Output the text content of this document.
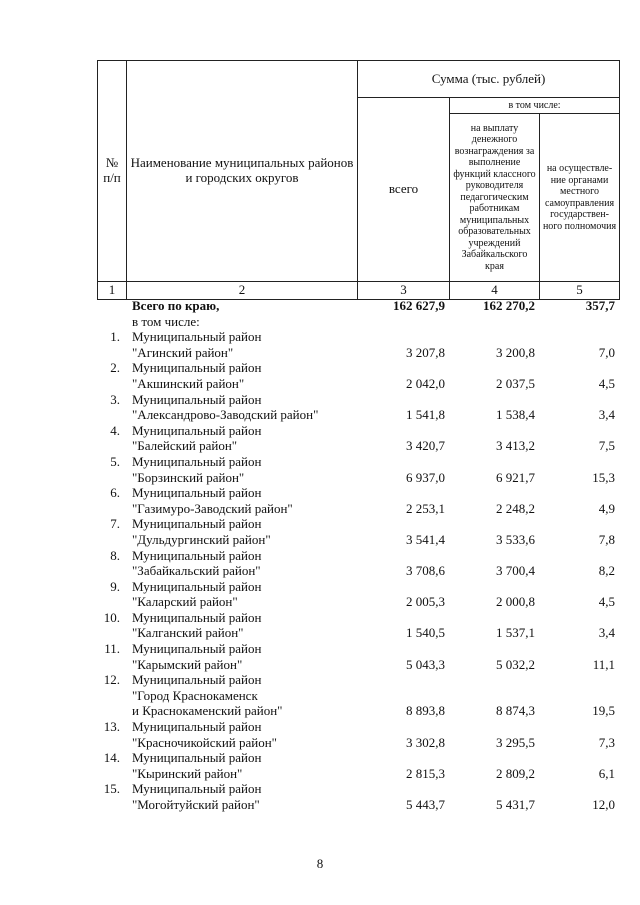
№ п/п	Наименование муниципальных районов и городских округов	Сумма (тыс. рублей)		
		всего	в том числе:	
			на выплату денежного вознаграждения за выполнение функций классного руководителя педагогическим работникам муниципальных образовательных учреждений Забайкальского края	на осуществле-ние органами местного самоуправления государствен-ного полномочия
1	2	3	4	5
Всего по краю,	162 627,9	162 270,2	357,7
в том числе:
1. Муниципальный район
"Агинский район"	3 207,8	3 200,8	7,0
2. Муниципальный район
"Акшинский район"	2 042,0	2 037,5	4,5
3. Муниципальный район
"Александрово-Заводский район"	1 541,8	1 538,4	3,4
4. Муниципальный район
"Балейский район"	3 420,7	3 413,2	7,5
5. Муниципальный район
"Борзинский район"	6 937,0	6 921,7	15,3
6. Муниципальный район
"Газимуро-Заводский район"	2 253,1	2 248,2	4,9
7. Муниципальный район
"Дульдургинский район"	3 541,4	3 533,6	7,8
8. Муниципальный район
"Забайкальский район"	3 708,6	3 700,4	8,2
9. Муниципальный район
"Каларский район"	2 005,3	2 000,8	4,5
10. Муниципальный район
"Калганский район"	1 540,5	1 537,1	3,4
11. Муниципальный район
"Карымский район"	5 043,3	5 032,2	11,1
12. Муниципальный район
"Город Краснокаменск
и Краснокаменский район"	8 893,8	8 874,3	19,5
13. Муниципальный район
"Красночикойский район"	3 302,8	3 295,5	7,3
14. Муниципальный район
"Кыринский район"	2 815,3	2 809,2	6,1
15. Муниципальный район
"Могойтуйский район"	5 443,7	5 431,7	12,0
8
